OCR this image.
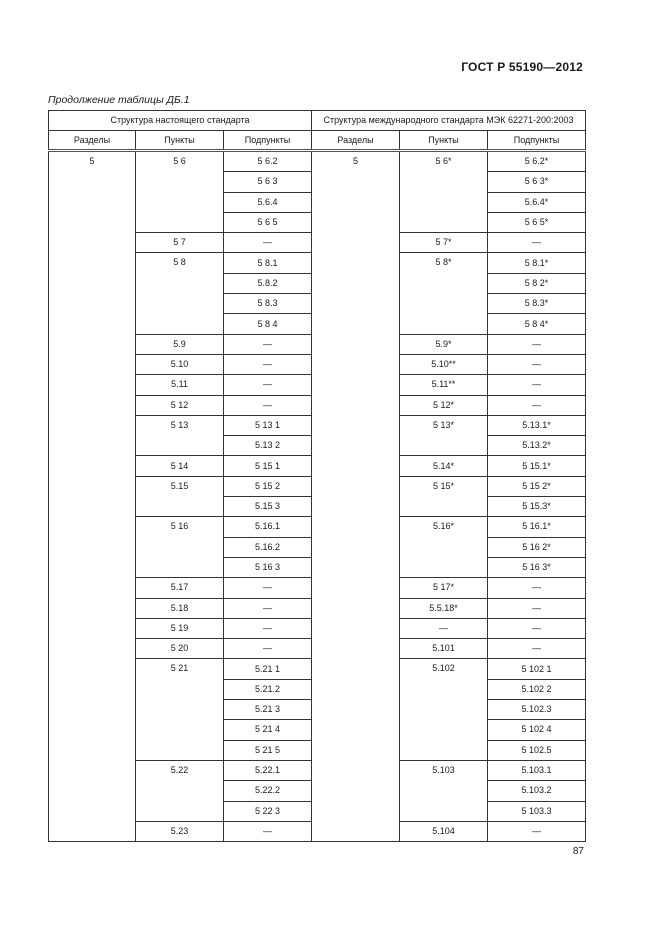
ГОСТ Р 55190—2012
Продолжение таблицы ДБ.1
Структура настоящего стандарта			Структура международного стандарта МЭК 62271-200:2003		
Разделы	Пункты	Подпункты	Разделы	Пункты	Подпункты
5	5 6	5 6.2	5	5 6*	5 6.2*
		5 6 3			5 6 3*
		5.6.4			5.6.4*
		5 6 5			5 6 5*
	5 7	—		5 7*	—
	5 8	5 8.1		5 8*	5 8.1*
		5.8.2			5 8 2*
		5 8.3			5 8.3*
		5 8 4			5 8 4*
	5.9	—		5.9*	—
	5.10	—		5.10**	—
	5.11	—		5.11**	—
	5 12	—		5 12*	—
	5 13	5 13 1		5 13*	5.13.1*
		5.13 2			5.13.2*
	5 14	5 15 1		5.14*	5 15.1*
	5.15	5 15 2		5 15*	5 15 2*
		5.15 3			5 15.3*
	5 16	5.16.1		5.16*	5 16.1*
		5.16.2			5 16 2*
		5 16 3			5 16 3*
	5.17	—		5 17*	—
	5.18	—		5.5.18*	—
	5 19	—		—	—
	5 20	—		5.101	—
	5 21	5.21 1		5.102	5 102 1
		5.21.2			5.102 2
		5.21 3			5.102.3
		5 21 4			5 102 4
		5 21 5			5 102.5
	5.22	5.22.1		5.103	5.103.1
		5.22.2			5.103.2
		5 22 3			5 103.3
	5.23	—		5.104	—
87
